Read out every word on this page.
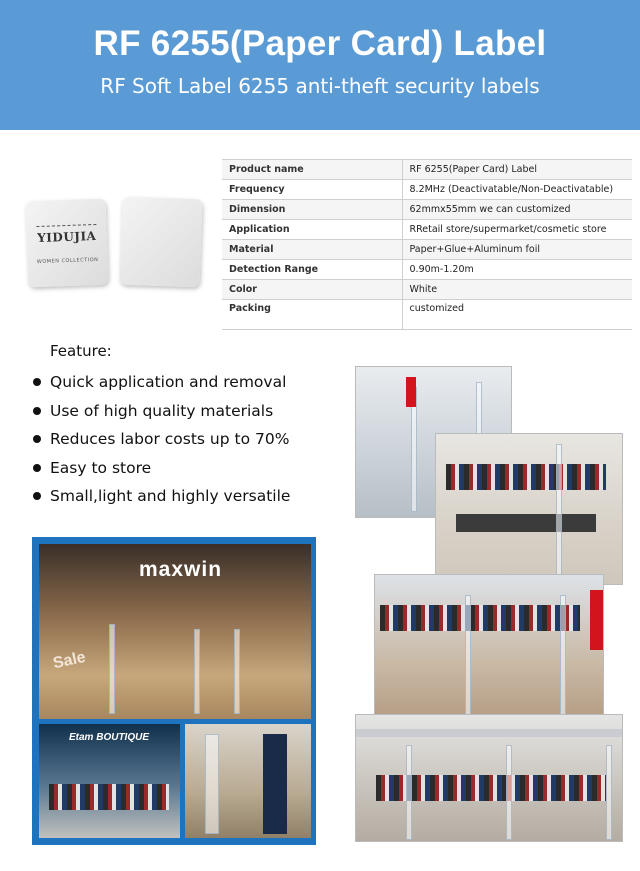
RF 6255(Paper Card) Label
RF Soft Label 6255 anti-theft security labels
YIDUJIA
WOMEN COLLECTION
Product name	RF 6255(Paper Card) Label
Frequency	8.2MHz (Deactivatable/Non-Deactivatable)
Dimension	62mmx55mm we can customized
Application	RRetail store/supermarket/cosmetic store
Material	Paper+Glue+Aluminum foil
Detection Range	0.90m-1.20m
Color	White
Packing	customized
Feature:
Quick application and removal
Use of high quality materials
Reduces labor costs up to 70%
Easy to store
Small,light and highly versatile
maxwin
Sale
Etam BOUTIQUE
